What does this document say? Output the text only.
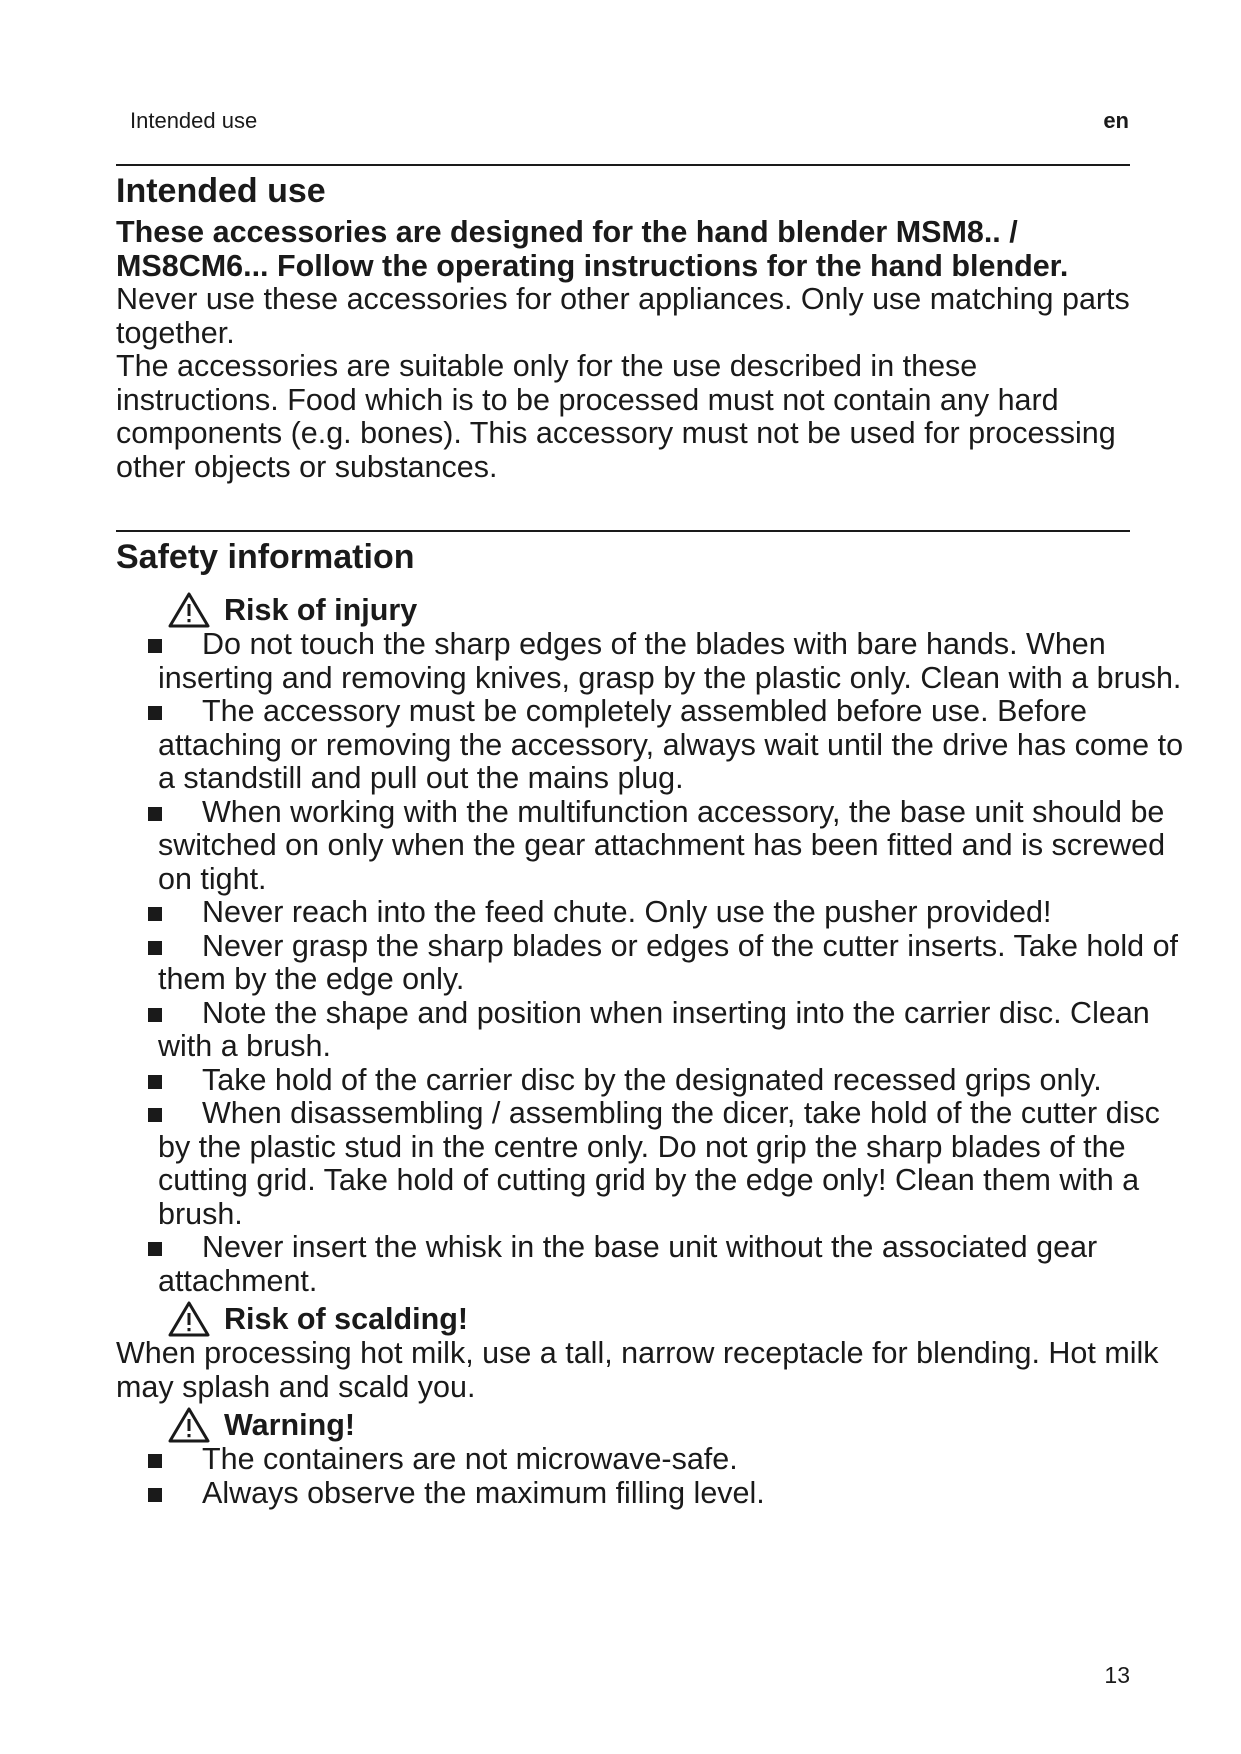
Intended use	en
Intended use

These accessories are designed for the hand blender MSM8.. / MS8CM6... Follow the operating instructions for the hand blender.

Never use these accessories for other appliances. Only use matching parts together.

The accessories are suitable only for the use described in these instructions. Food which is to be processed must not contain any hard components (e.g. bones). This accessory must not be used for processing other objects or substances.

Safety information
Risk of injury
Do not touch the sharp edges of the blades with bare hands. When inserting and removing knives, grasp by the plastic only. Clean with a brush.
The accessory must be completely assembled before use. Before attaching or removing the accessory, always wait until the drive has come to a standstill and pull out the mains plug.
When working with the multifunction accessory, the base unit should be switched on only when the gear attachment has been fitted and is screwed on tight.
Never reach into the feed chute. Only use the pusher provided!
Never grasp the sharp blades or edges of the cutter inserts. Take hold of them by the edge only.
Note the shape and position when inserting into the carrier disc. Clean with a brush.
Take hold of the carrier disc by the designated recessed grips only.
When disassembling / assembling the dicer, take hold of the cutter disc by the plastic stud in the centre only. Do not grip the sharp blades of the cutting grid. Take hold of cutting grid by the edge only! Clean them with a brush.
Never insert the whisk in the base unit without the associated gear attachment.
Risk of scalding!

When processing hot milk, use a tall, narrow receptacle for blending. Hot milk may splash and scald you.

Warning!
The containers are not microwave-safe.
Always observe the maximum filling level.
13
